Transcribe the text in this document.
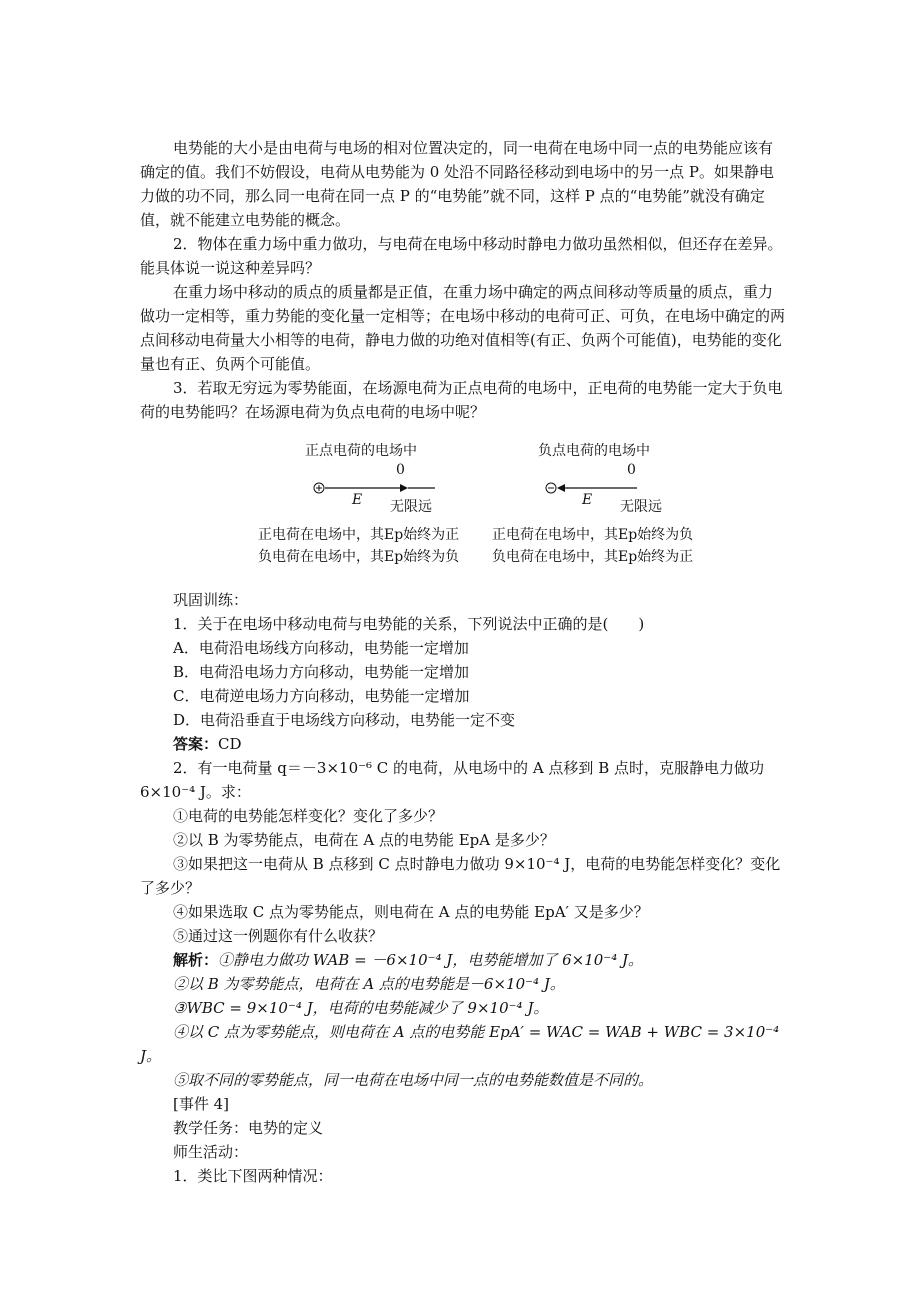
电势能的大小是由电荷与电场的相对位置决定的，同一电荷在电场中同一点的电势能应该有确定的值。我们不妨假设，电荷从电势能为 0 处沿不同路径移动到电场中的另一点 P。如果静电力做的功不同，那么同一电荷在同一点 P 的“电势能”就不同，这样 P 点的“电势能”就没有确定值，就不能建立电势能的概念。

2．物体在重力场中重力做功，与电荷在电场中移动时静电力做功虽然相似，但还存在差异。能具体说一说这种差异吗？

在重力场中移动的质点的质量都是正值，在重力场中确定的两点间移动等质量的质点，重力做功一定相等，重力势能的变化量一定相等；在电场中移动的电荷可正、可负，在电场中确定的两点间移动电荷量大小相等的电荷，静电力做的功绝对值相等(有正、负两个可能值)，电势能的变化量也有正、负两个可能值。

3．若取无穷远为零势能面，在场源电荷为正点电荷的电场中，正电荷的电势能一定大于负电荷的电势能吗？在场源电荷为负点电荷的电场中呢？

正点电荷的电场中	负点电荷的电场中
0	0
E	E
无限远	无限远
正电荷在电场中，其Ep始终为正
负电荷在电场中，其Ep始终为负
正电荷在电场中，其Ep始终为负
负电荷在电场中，其Ep始终为正

巩固训练：

1．关于在电场中移动电荷与电势能的关系，下列说法中正确的是(　　)

A．电荷沿电场线方向移动，电势能一定增加

B．电荷沿电场力方向移动，电势能一定增加

C．电荷逆电场力方向移动，电势能一定增加

D．电荷沿垂直于电场线方向移动，电势能一定不变

答案：CD

2．有一电荷量 q＝－3×10⁻⁶ C 的电荷，从电场中的 A 点移到 B 点时，克服静电力做功 6×10⁻⁴ J。求：

①电荷的电势能怎样变化？变化了多少？

②以 B 为零势能点，电荷在 A 点的电势能 EpA 是多少？

③如果把这一电荷从 B 点移到 C 点时静电力做功 9×10⁻⁴ J，电荷的电势能怎样变化？变化了多少？

④如果选取 C 点为零势能点，则电荷在 A 点的电势能 EpA′ 又是多少？

⑤通过这一例题你有什么收获？

解析：①静电力做功 WAB = －6×10⁻⁴ J，电势能增加了 6×10⁻⁴ J。

②以 B 为零势能点，电荷在 A 点的电势能是－6×10⁻⁴ J。

③WBC = 9×10⁻⁴ J，电荷的电势能减少了 9×10⁻⁴ J。

④以 C 点为零势能点，则电荷在 A 点的电势能 EpA′ = WAC = WAB + WBC = 3×10⁻⁴ J。

⑤取不同的零势能点，同一电荷在电场中同一点的电势能数值是不同的。

[事件 4]

教学任务：电势的定义

师生活动：

1．类比下图两种情况：
